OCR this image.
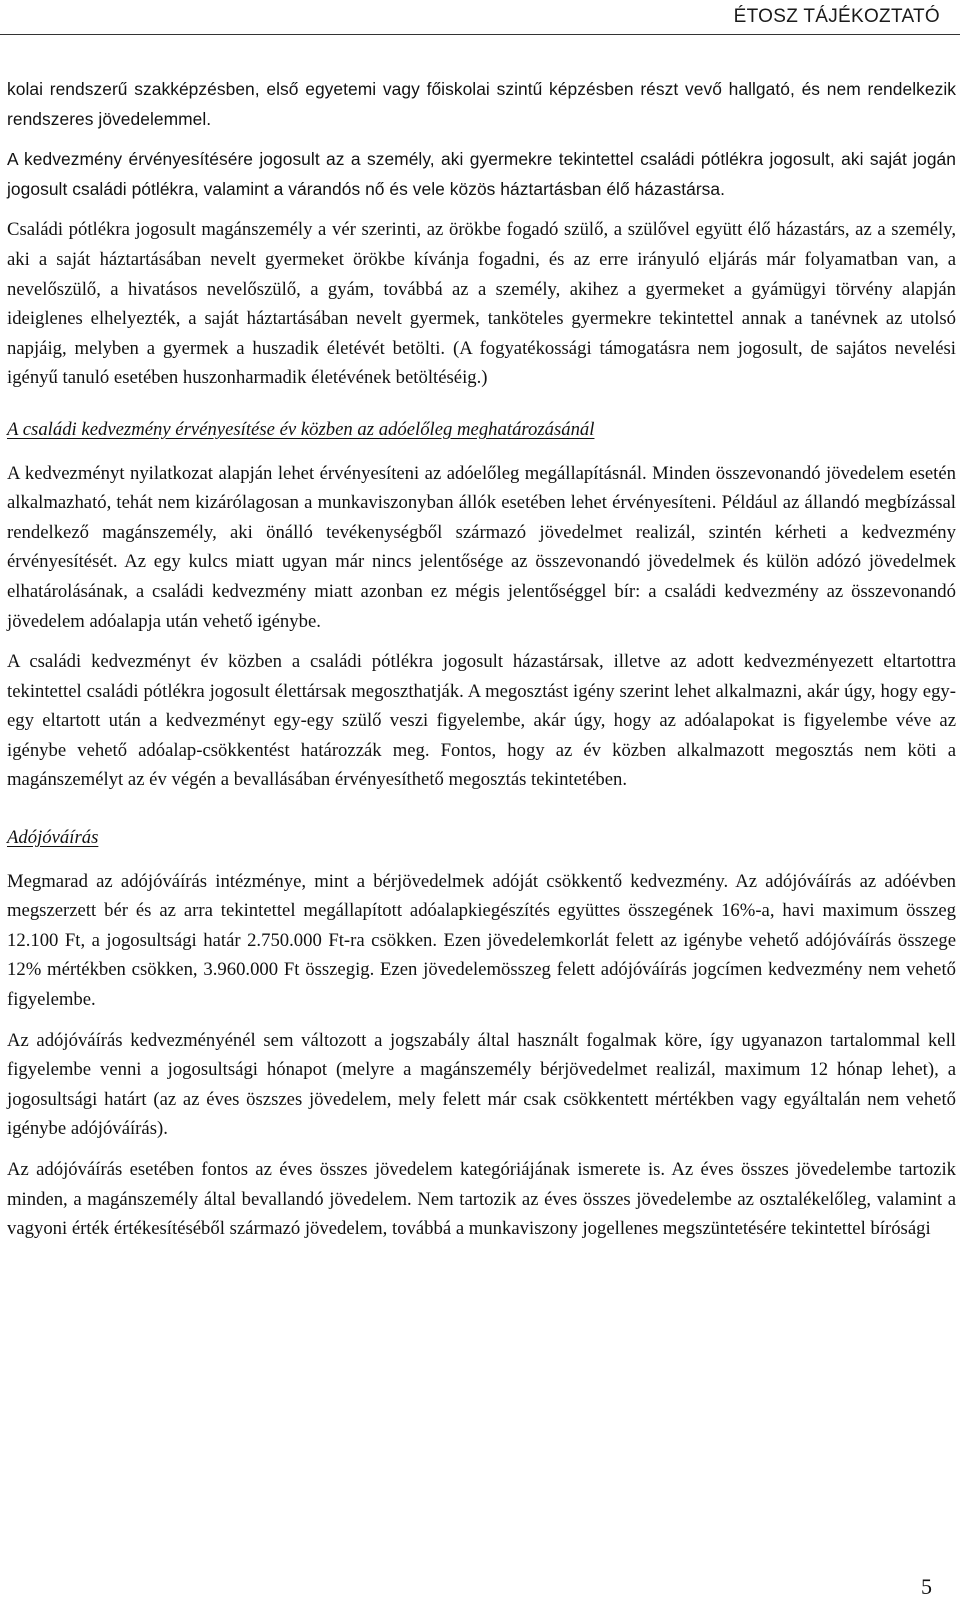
ÉTOSZ TÁJÉKOZTATÓ

kolai rendszerű szakképzésben, első egyetemi vagy főiskolai szintű képzésben részt vevő hallgató, és nem rendelkezik rendszeres jövedelemmel.

A kedvezmény érvényesítésére jogosult az a személy, aki gyermekre tekintettel családi pótlékra jogosult, aki saját jogán jogosult családi pótlékra, valamint a várandós nő és vele közös háztartásban élő házastársa.

Családi pótlékra jogosult magánszemély a vér szerinti, az örökbe fogadó szülő, a szülővel együtt élő házastárs, az a személy, aki a saját háztartásában nevelt gyermeket örökbe kívánja fogadni, és az erre irányuló eljárás már folyamatban van, a nevelőszülő, a hivatásos nevelőszülő, a gyám, továbbá az a személy, akihez a gyermeket a gyámügyi törvény alapján ideiglenes elhelyezték, a saját háztartásában nevelt gyermek, tanköteles gyermekre tekintettel annak a tanévnek az utolsó napjáig, melyben a gyermek a huszadik életévét betölti. (A fogyatékossági támogatásra nem jogosult, de sajátos nevelési igényű tanuló esetében huszonharmadik életévének betöltéséig.)

A családi kedvezmény érvényesítése év közben az adóelőleg meghatározásánál

A kedvezményt nyilatkozat alapján lehet érvényesíteni az adóelőleg megállapításnál. Minden összevonandó jövedelem esetén alkalmazható, tehát nem kizárólagosan a munkaviszonyban állók esetében lehet érvényesíteni. Például az állandó megbízással rendelkező magánszemély, aki önálló tevékenységből származó jövedelmet realizál, szintén kérheti a kedvezmény érvényesítését. Az egy kulcs miatt ugyan már nincs jelentősége az összevonandó jövedelmek és külön adózó jövedelmek elhatárolásának, a családi kedvezmény miatt azonban ez mégis jelentőséggel bír: a családi kedvezmény az összevonandó jövedelem adóalapja után vehető igénybe.

A családi kedvezményt év közben a családi pótlékra jogosult házastársak, illetve az adott kedvezményezett eltartottra tekintettel családi pótlékra jogosult élettársak megoszthatják. A megosztást igény szerint lehet alkalmazni, akár úgy, hogy egy-egy eltartott után a kedvezményt egy-egy szülő veszi figyelembe, akár úgy, hogy az adóalapokat is figyelembe véve az igénybe vehető adóalap-csökkentést határozzák meg. Fontos, hogy az év közben alkalmazott megosztás nem köti a magánszemélyt az év végén a bevallásában érvényesíthető megosztás tekintetében.

Adójóváírás

Megmarad az adójóváírás intézménye, mint a bérjövedelmek adóját csökkentő kedvezmény. Az adójóváírás az adóévben megszerzett bér és az arra tekintettel megállapított adóalapkiegészítés együttes összegének 16%-a, havi maximum összeg 12.100 Ft, a jogosultsági határ 2.750.000 Ft-ra csökken. Ezen jövedelemkorlát felett az igénybe vehető adójóváírás összege 12% mértékben csökken, 3.960.000 Ft összegig. Ezen jövedelemösszeg felett adójóváírás jogcímen kedvezmény nem vehető figyelembe.

Az adójóváírás kedvezményénél sem változott a jogszabály által használt fogalmak köre, így ugyanazon tartalommal kell figyelembe venni a jogosultsági hónapot (melyre a magánszemély bérjövedelmet realizál, maximum 12 hónap lehet), a jogosultsági határt (az az éves öszszes jövedelem, mely felett már csak csökkentett mértékben vagy egyáltalán nem vehető igénybe adójóváírás).

Az adójóváírás esetében fontos az éves összes jövedelem kategóriájának ismerete is. Az éves összes jövedelembe tartozik minden, a magánszemély által bevallandó jövedelem. Nem tartozik az éves összes jövedelembe az osztalékelőleg, valamint a vagyoni érték értékesítéséből származó jövedelem, továbbá a munkaviszony jogellenes megszüntetésére tekintettel bírósági

5
